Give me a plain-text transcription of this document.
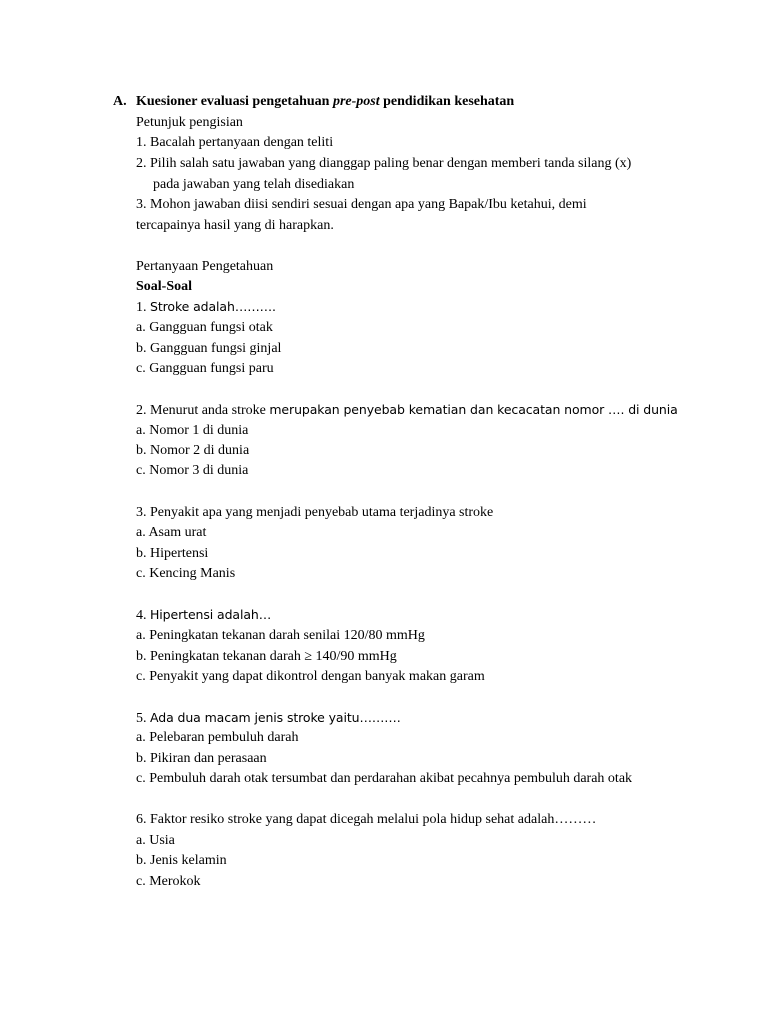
A. Kuesioner evaluasi pengetahuan pre-post pendidikan kesehatan
Petunjuk pengisian
1. Bacalah pertanyaan dengan teliti
2. Pilih salah satu jawaban yang dianggap paling benar dengan memberi tanda silang (x)
pada jawaban yang telah disediakan
3. Mohon jawaban diisi sendiri sesuai dengan apa yang Bapak/Ibu ketahui, demi
tercapainya hasil yang di harapkan.
Pertanyaan Pengetahuan
Soal-Soal
1. Stroke adalah……….
a. Gangguan fungsi otak
b. Gangguan fungsi ginjal
c. Gangguan fungsi paru
2. Menurut anda stroke merupakan penyebab kematian dan kecacatan nomor …. di dunia
a. Nomor 1 di dunia
b. Nomor 2 di dunia
c. Nomor 3 di dunia
3. Penyakit apa yang menjadi penyebab utama terjadinya stroke
a. Asam urat
b. Hipertensi
c. Kencing Manis
4. Hipertensi adalah…
a. Peningkatan tekanan darah senilai 120/80 mmHg
b. Peningkatan tekanan darah ≥ 140/90 mmHg
c. Penyakit yang dapat dikontrol dengan banyak makan garam
5. Ada dua macam jenis stroke yaitu……….
a. Pelebaran pembuluh darah
b. Pikiran dan perasaan
c. Pembuluh darah otak tersumbat dan perdarahan akibat pecahnya pembuluh darah otak
6. Faktor resiko stroke yang dapat dicegah melalui pola hidup sehat adalah………
a. Usia
b. Jenis kelamin
c. Merokok
